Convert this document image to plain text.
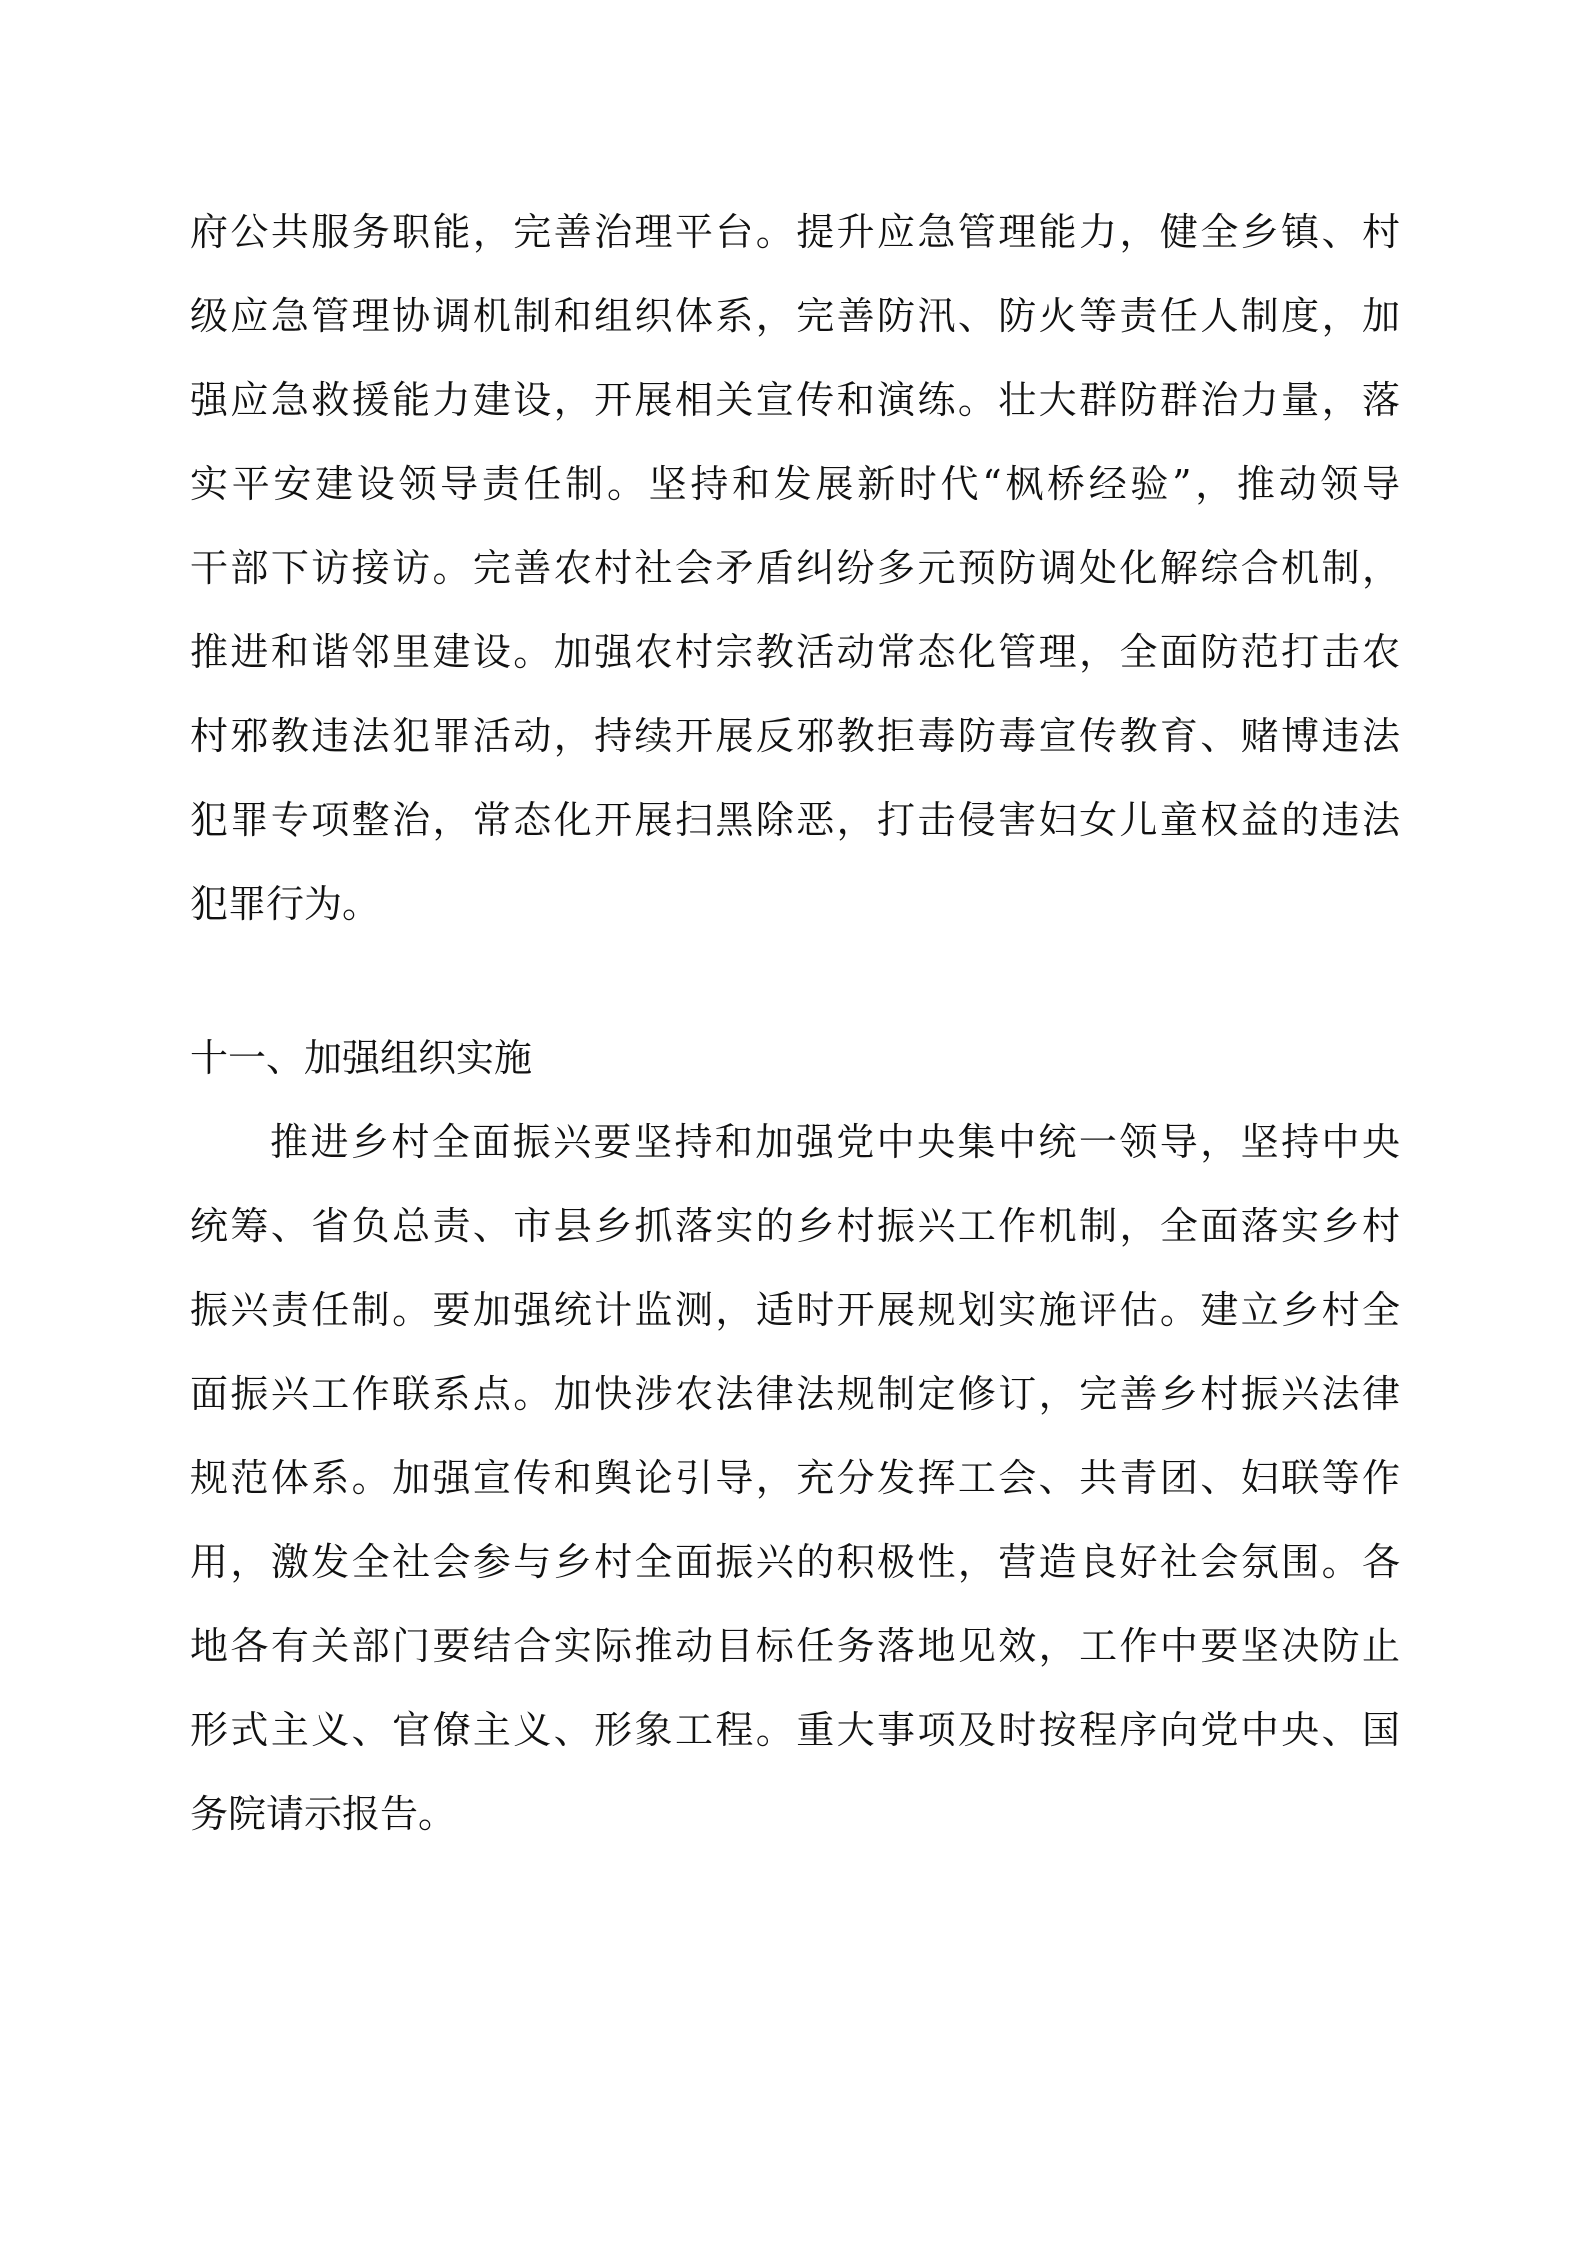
府公共服务职能，完善治理平台。提升应急管理能力，健全乡镇、村
级应急管理协调机制和组织体系，完善防汛、防火等责任人制度，加
强应急救援能力建设，开展相关宣传和演练。壮大群防群治力量，落
实平安建设领导责任制。坚持和发展新时代“枫桥经验”，推动领导
干部下访接访。完善农村社会矛盾纠纷多元预防调处化解综合机制，
推进和谐邻里建设。加强农村宗教活动常态化管理，全面防范打击农
村邪教违法犯罪活动，持续开展反邪教拒毒防毒宣传教育、赌博违法
犯罪专项整治，常态化开展扫黑除恶，打击侵害妇女儿童权益的违法
犯罪行为。
十一、加强组织实施
推进乡村全面振兴要坚持和加强党中央集中统一领导，坚持中央
统筹、省负总责、市县乡抓落实的乡村振兴工作机制，全面落实乡村
振兴责任制。要加强统计监测，适时开展规划实施评估。建立乡村全
面振兴工作联系点。加快涉农法律法规制定修订，完善乡村振兴法律
规范体系。加强宣传和舆论引导，充分发挥工会、共青团、妇联等作
用，激发全社会参与乡村全面振兴的积极性，营造良好社会氛围。各
地各有关部门要结合实际推动目标任务落地见效，工作中要坚决防止
形式主义、官僚主义、形象工程。重大事项及时按程序向党中央、国
务院请示报告。
